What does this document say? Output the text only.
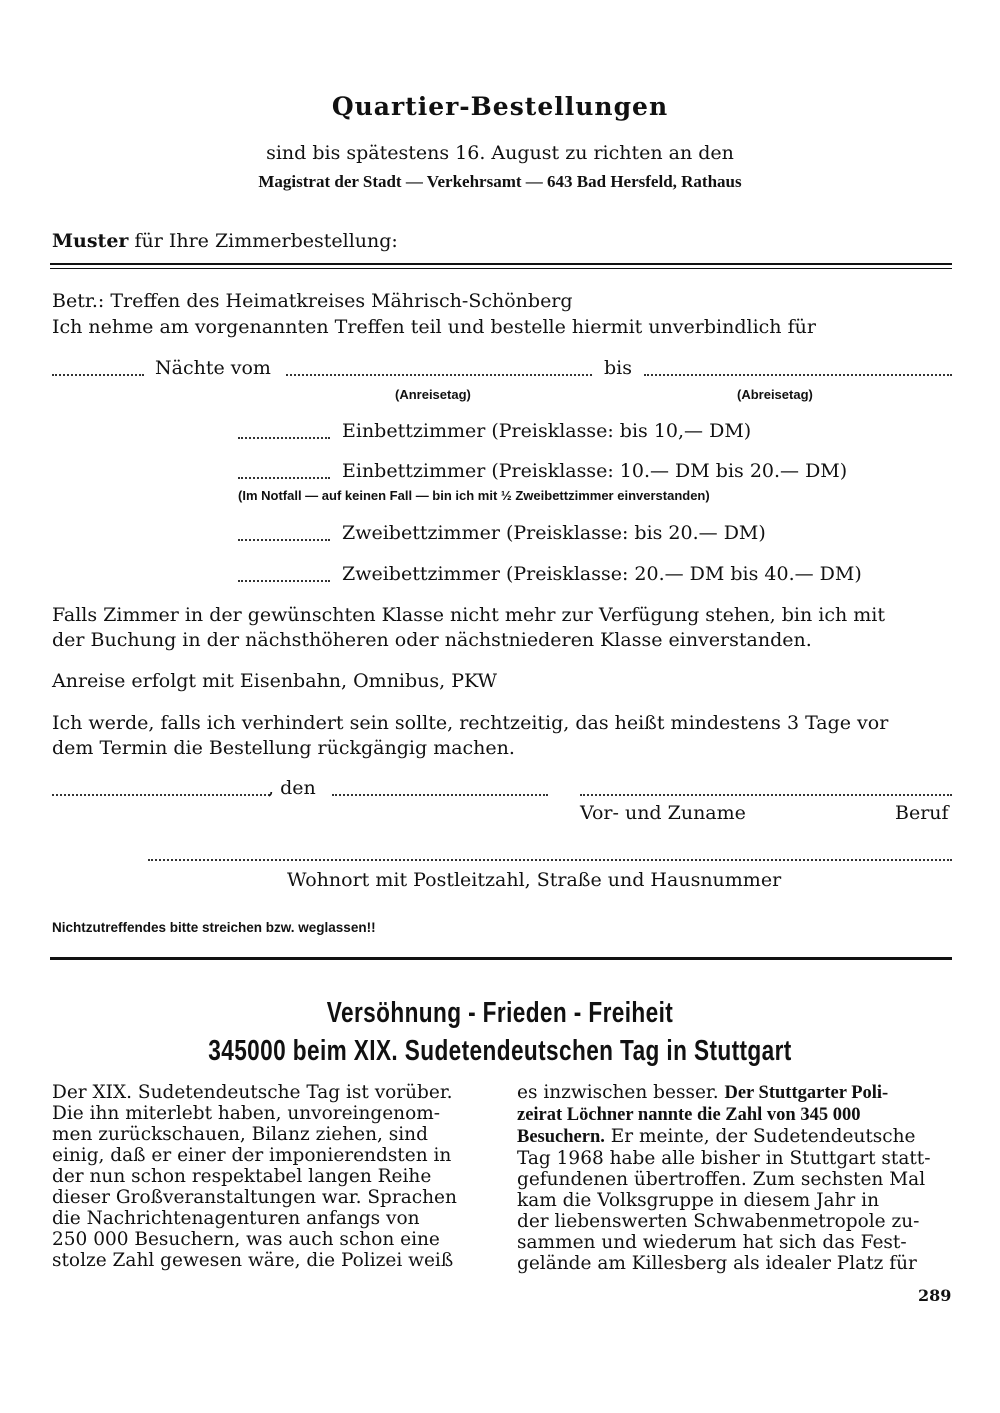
Quartier-Bestellungen
sind bis spätestens 16. August zu richten an den
Magistrat der Stadt — Verkehrsamt — 643 Bad Hersfeld, Rathaus
Muster für Ihre Zimmerbestellung:
Betr.: Treffen des Heimatkreises Mährisch-Schönberg
Ich nehme am vorgenannten Treffen teil und bestelle hiermit unverbindlich für
Nächte vom	bis
(Anreisetag)	(Abreisetag)
Einbettzimmer (Preisklasse: bis 10,— DM)
Einbettzimmer (Preisklasse: 10.— DM bis 20.— DM)
(Im Notfall — auf keinen Fall — bin ich mit ½ Zweibettzimmer einverstanden)
Zweibettzimmer (Preisklasse: bis 20.— DM)
Zweibettzimmer (Preisklasse: 20.— DM bis 40.— DM)
Falls Zimmer in der gewünschten Klasse nicht mehr zur Verfügung stehen, bin ich mit
der Buchung in der nächsthöheren oder nächstniederen Klasse einverstanden.
Anreise erfolgt mit Eisenbahn, Omnibus, PKW
Ich werde, falls ich verhindert sein sollte, rechtzeitig, das heißt mindestens 3 Tage vor
dem Termin die Bestellung rückgängig machen.
, den
Vor- und Zuname	Beruf
Wohnort mit Postleitzahl, Straße und Hausnummer
Nichtzutreffendes bitte streichen bzw. weglassen!!
Versöhnung - Frieden - Freiheit
345000 beim XIX. Sudetendeutschen Tag in Stuttgart

Der XIX. Sudetendeutsche Tag ist vorüber.

Die ihn miterlebt haben, unvoreingenom-

men zurückschauen, Bilanz ziehen, sind

einig, daß er einer der imponierendsten in

der nun schon respektabel langen Reihe

dieser Großveranstaltungen war. Sprachen

die Nachrichtenagenturen anfangs von

250 000 Besuchern, was auch schon eine

stolze Zahl gewesen wäre, die Polizei weiß

es inzwischen besser. Der Stuttgarter Poli-

zeirat Löchner nannte die Zahl von 345 000

Besuchern. Er meinte, der Sudetendeutsche

Tag 1968 habe alle bisher in Stuttgart statt-

gefundenen übertroffen. Zum sechsten Mal

kam die Volksgruppe in diesem Jahr in

der liebenswerten Schwabenmetropole zu-

sammen und wiederum hat sich das Fest-

gelände am Killesberg als idealer Platz für

289
